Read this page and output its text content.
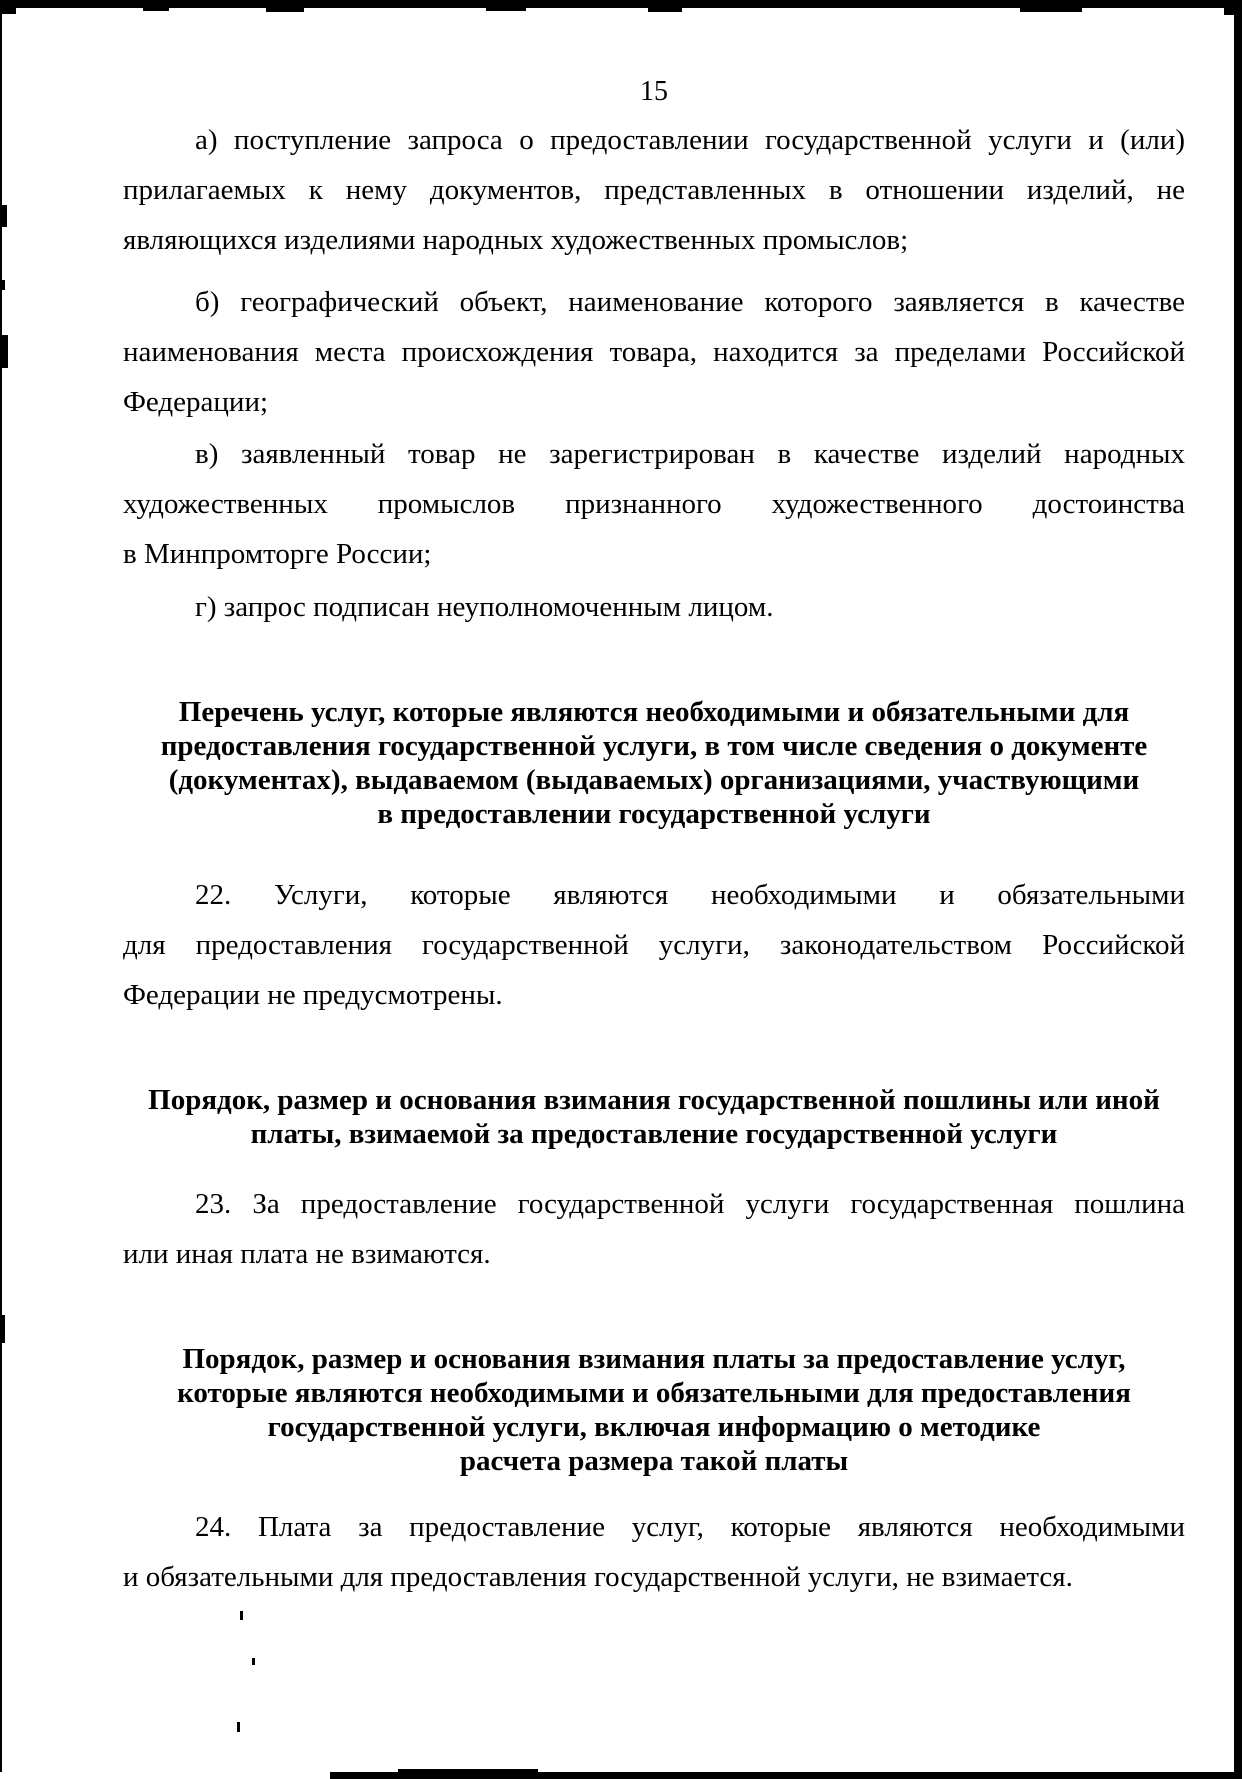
15
а) поступление запроса о предоставлении государственной услуги и (или)
прилагаемых к нему документов, представленных в отношении изделий, не
являющихся изделиями народных художественных промыслов;
б) географический объект, наименование которого заявляется в качестве
наименования места происхождения товара, находится за пределами Российской
Федерации;
в) заявленный товар не зарегистрирован в качестве изделий народных
художественных промыслов признанного художественного достоинства
в Минпромторге России;
г) запрос подписан неуполномоченным лицом.
Перечень услуг, которые являются необходимыми и обязательными для
предоставления государственной услуги, в том числе сведения о документе
(документах), выдаваемом (выдаваемых) организациями, участвующими
в предоставлении государственной услуги
22. Услуги, которые являются необходимыми и обязательными
для предоставления государственной услуги, законодательством Российской
Федерации не предусмотрены.
Порядок, размер и основания взимания государственной пошлины или иной
платы, взимаемой за предоставление государственной услуги
23. За предоставление государственной услуги государственная пошлина
или иная плата не взимаются.
Порядок, размер и основания взимания платы за предоставление услуг,
которые являются необходимыми и обязательными для предоставления
государственной услуги, включая информацию о методике
расчета размера такой платы
24. Плата за предоставление услуг, которые являются необходимыми
и обязательными для предоставления государственной услуги, не взимается.
